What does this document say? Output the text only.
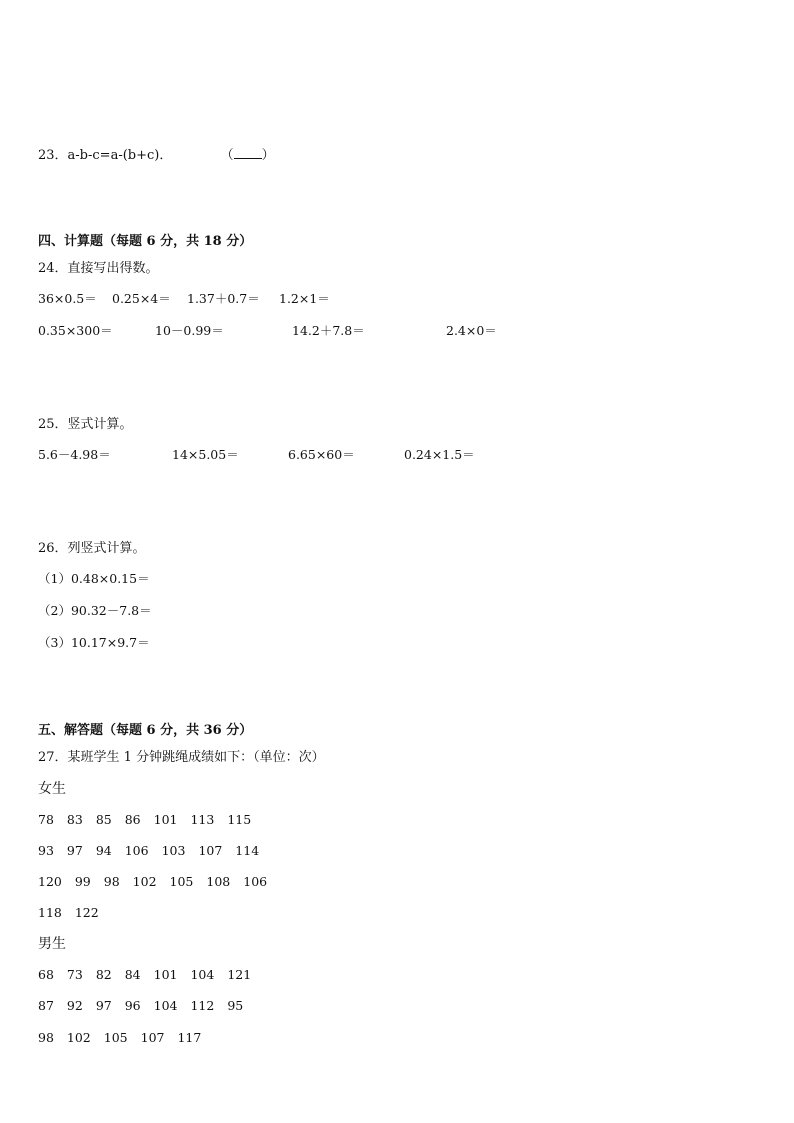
23．a-b-c=a-(b+c)．	（ ）
四、计算题（每题 6 分，共 18 分）
24．直接写出得数。
36×0.5＝ 0.25×4＝ 1.37＋0.7＝ 1.2×1＝
0.35×300＝	10－0.99＝	14.2＋7.8＝	2.4×0＝
25．竖式计算。
5.6－4.98＝	14×5.05＝	6.65×60＝	0.24×1.5＝
26．列竖式计算。
（1）0.48×0.15＝
（2）90.32－7.8＝
（3）10.17×9.7＝
五、解答题（每题 6 分，共 36 分）
27．某班学生 1 分钟跳绳成绩如下：（单位：次）
女生
78 83 85 86 101 113 115
93 97 94 106 103 107 114
120 99 98 102 105 108 106
118 122
男生
68 73 82 84 101 104 121
87 92 97 96 104 112 95
98 102 105 107 117
